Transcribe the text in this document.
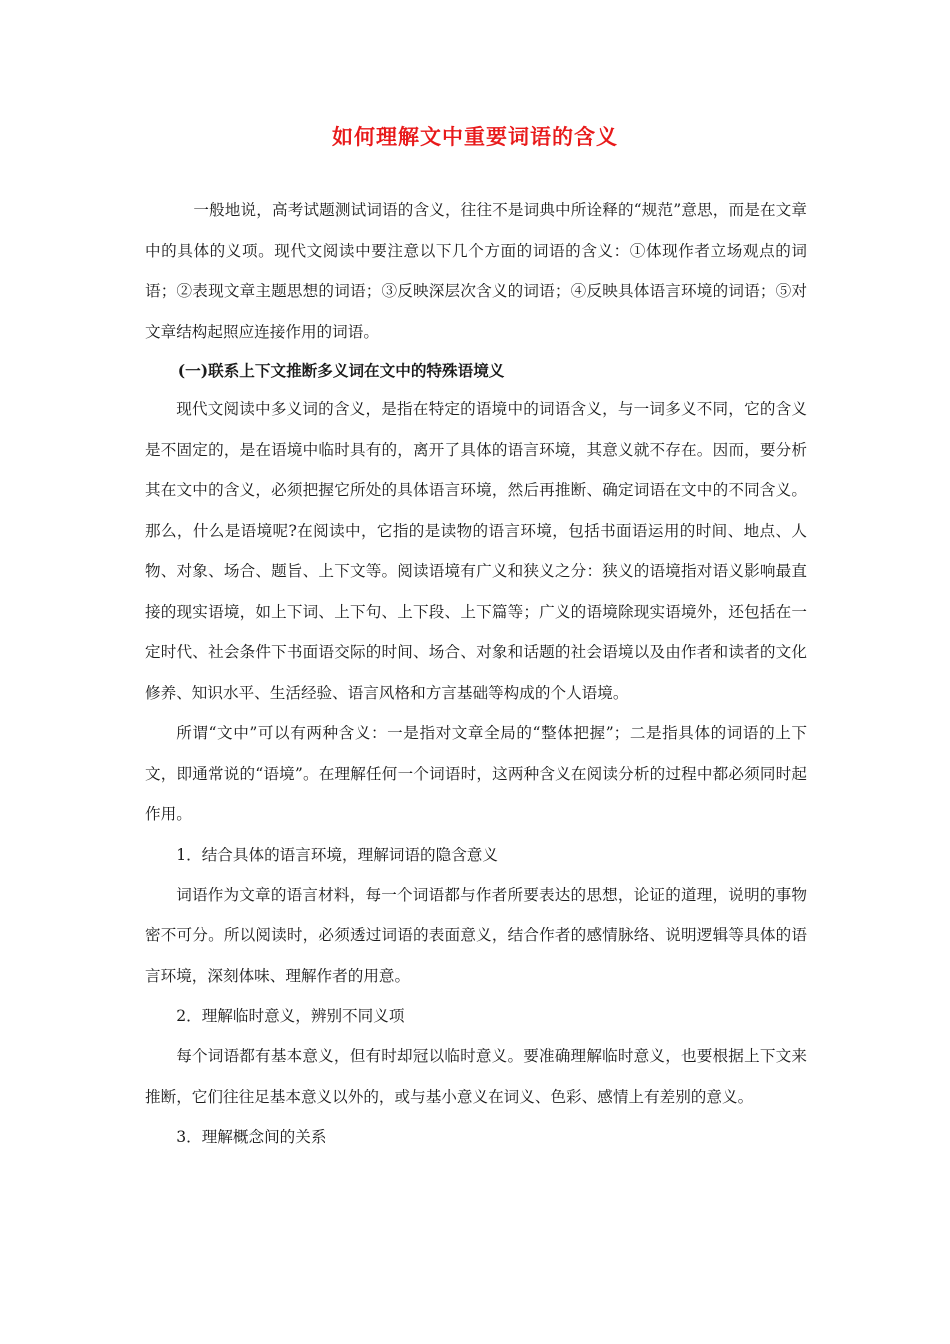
如何理解文中重要词语的含义

一般地说，高考试题测试词语的含义，往往不是词典中所诠释的“规范”意思，而是在文章中的具体的义项。现代文阅读中要注意以下几个方面的词语的含义：①体现作者立场观点的词语；②表现文章主题思想的词语；③反映深层次含义的词语；④反映具体语言环境的词语；⑤对文章结构起照应连接作用的词语。

(一)联系上下文推断多义词在文中的特殊语境义

现代文阅读中多义词的含义，是指在特定的语境中的词语含义，与一词多义不同，它的含义是不固定的，是在语境中临时具有的，离开了具体的语言环境，其意义就不存在。因而，要分析其在文中的含义，必须把握它所处的具体语言环境，然后再推断、确定词语在文中的不同含义。那么，什么是语境呢?在阅读中，它指的是读物的语言环境，包括书面语运用的时间、地点、人物、对象、场合、题旨、上下文等。阅读语境有广义和狭义之分：狭义的语境指对语义影响最直接的现实语境，如上下词、上下句、上下段、上下篇等；广义的语境除现实语境外，还包括在一定时代、社会条件下书面语交际的时间、场合、对象和话题的社会语境以及由作者和读者的文化修养、知识水平、生活经验、语言风格和方言基础等构成的个人语境。

所谓“文中”可以有两种含义：一是指对文章全局的“整体把握”；二是指具体的词语的上下文，即通常说的“语境”。在理解任何一个词语时，这两种含义在阅读分析的过程中都必须同时起作用。

1．结合具体的语言环境，理解词语的隐含意义

词语作为文章的语言材料，每一个词语都与作者所要表达的思想，论证的道理，说明的事物密不可分。所以阅读时，必须透过词语的表面意义，结合作者的感情脉络、说明逻辑等具体的语言环境，深刻体味、理解作者的用意。

2．理解临时意义，辨别不同义项

每个词语都有基本意义，但有时却冠以临时意义。要准确理解临时意义，也要根据上下文来推断，它们往往足基本意义以外的，或与基小意义在词义、色彩、感情上有差别的意义。

3．理解概念间的关系
